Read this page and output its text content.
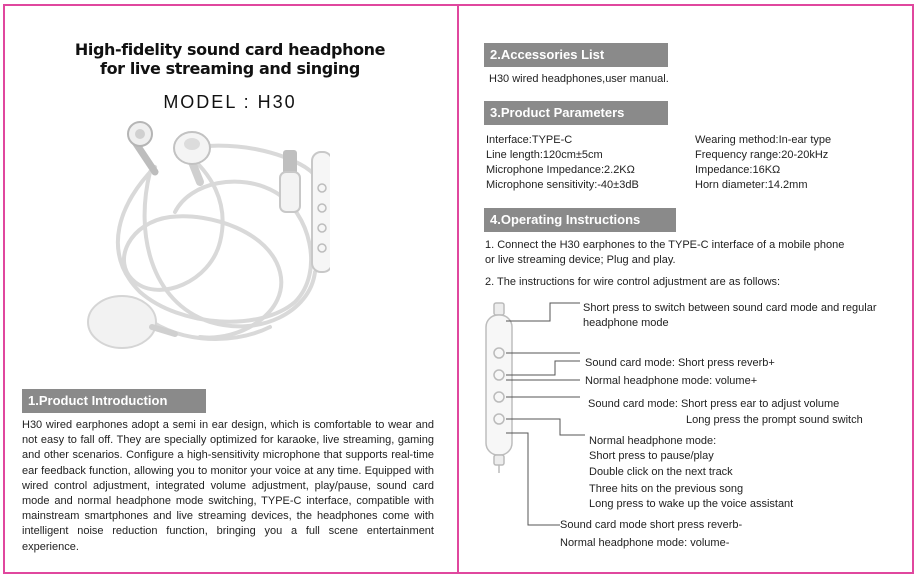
High-fidelity sound card headphone
for live streaming and singing
MODEL : H30
1.Product Introduction
H30 wired earphones adopt a semi in ear design, which is comfortable to wear and not easy to fall off. They are specially optimized for karaoke, live streaming, gaming and other scenarios. Configure a high-sensitivity microphone that supports real-time ear feedback function, allowing you to monitor your voice at any time. Equipped with wired control adjustment, integrated volume adjustment, play/pause, sound card mode and normal headphone mode switching, TYPE-C interface, compatible with mainstream smartphones and live streaming devices, the headphones come with intelligent noise reduction function, bringing you a full scene entertainment experience.
2.Accessories List
H30 wired headphones,user manual.
3.Product Parameters
Interface:TYPE-C
Line length:120cm±5cm
Microphone Impedance:2.2KΩ
Microphone sensitivity:-40±3dB
Wearing method:In-ear type
Frequency range:20-20kHz
Impedance:16KΩ
Horn diameter:14.2mm
4.Operating Instructions
1. Connect the H30 earphones to the TYPE-C interface of a mobile phone
or live streaming device; Plug and play.
2. The instructions for wire control adjustment are as follows:
Short press to switch between sound card mode and regular
headphone mode
Sound card mode: Short press reverb+
Normal headphone mode: volume+
Sound card mode: Short press ear to adjust volume
Long press the prompt sound switch
Normal headphone mode:
Short press to pause/play
Double click on the next track
Three hits on the previous song
Long press to wake up the voice assistant
Sound card mode short press reverb-
Normal headphone mode: volume-
